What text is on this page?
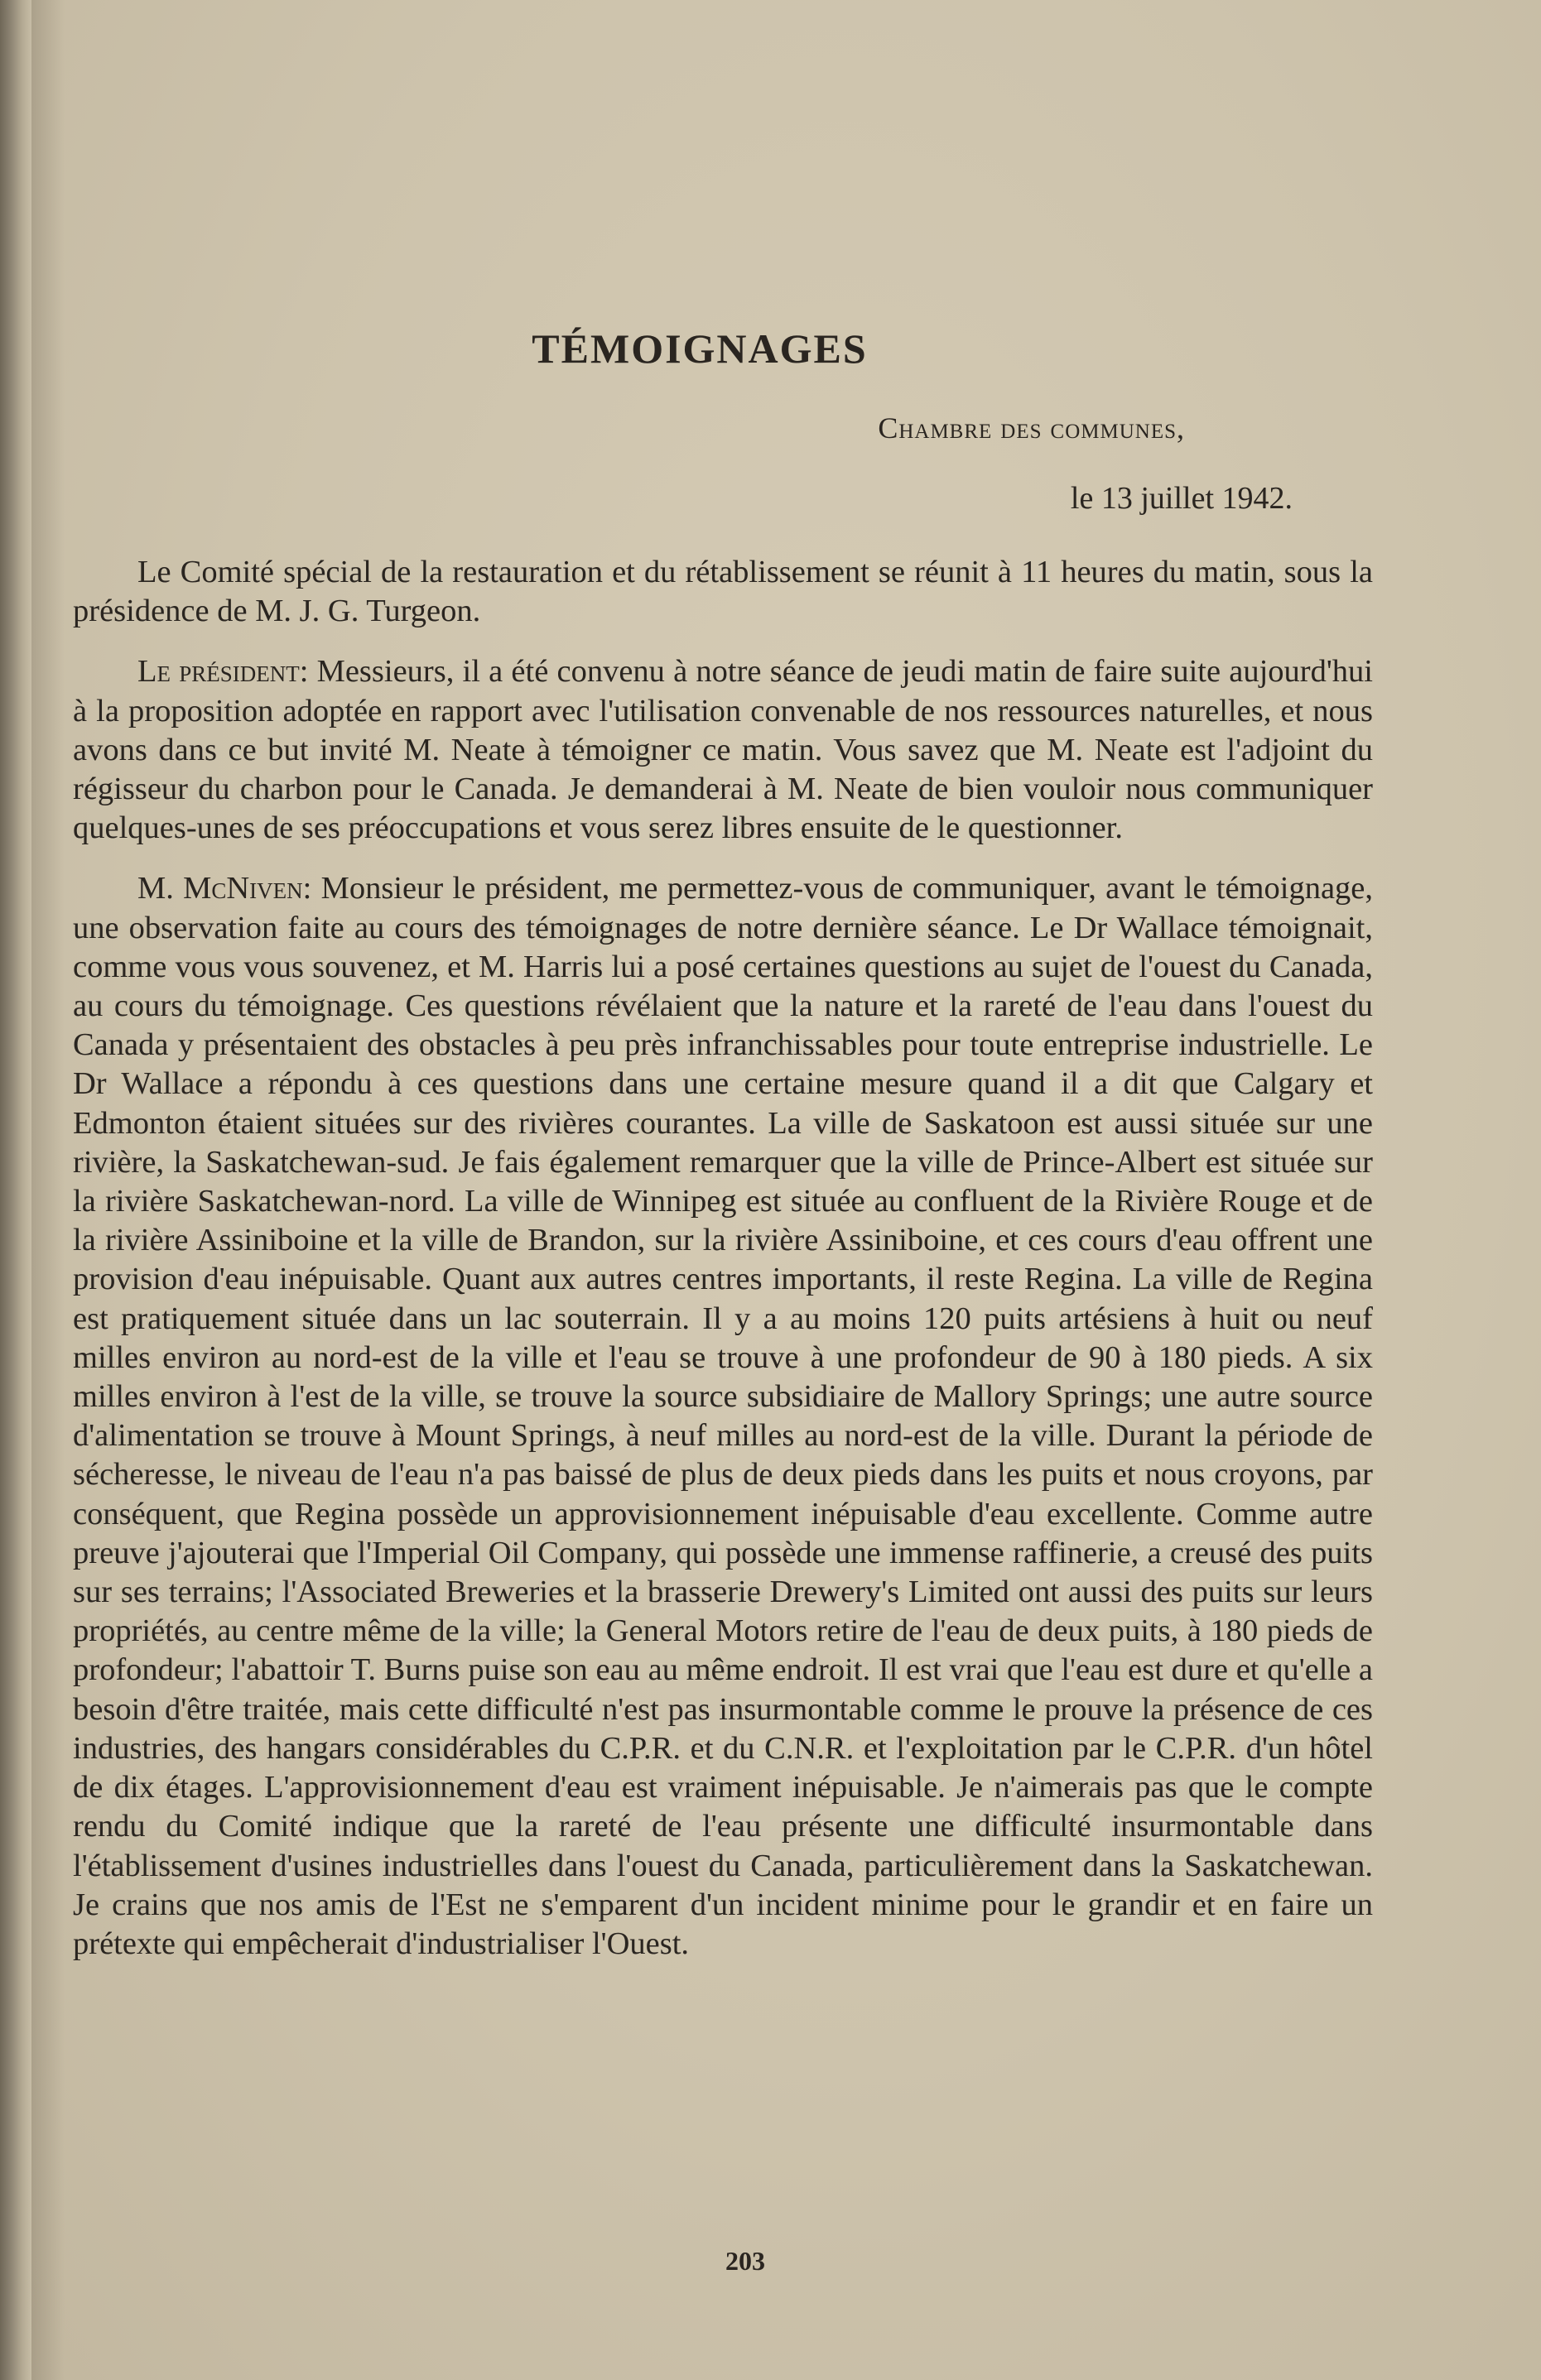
TÉMOIGNAGES
Chambre des communes,
le 13 juillet 1942.

Le Comité spécial de la restauration et du rétablissement se réunit à 11 heures du matin, sous la présidence de M. J. G. Turgeon.

Le président: Messieurs, il a été convenu à notre séance de jeudi matin de faire suite aujourd'hui à la proposition adoptée en rapport avec l'utilisation convenable de nos ressources naturelles, et nous avons dans ce but invité M. Neate à témoigner ce matin. Vous savez que M. Neate est l'adjoint du régisseur du charbon pour le Canada. Je demanderai à M. Neate de bien vouloir nous communiquer quelques-unes de ses préoccupations et vous serez libres ensuite de le questionner.

M. McNiven: Monsieur le président, me permettez-vous de communiquer, avant le témoignage, une observation faite au cours des témoignages de notre dernière séance. Le Dr Wallace témoignait, comme vous vous souvenez, et M. Harris lui a posé certaines questions au sujet de l'ouest du Canada, au cours du témoignage. Ces questions révélaient que la nature et la rareté de l'eau dans l'ouest du Canada y présentaient des obstacles à peu près infranchissables pour toute entreprise industrielle. Le Dr Wallace a répondu à ces questions dans une certaine mesure quand il a dit que Calgary et Edmonton étaient situées sur des rivières courantes. La ville de Saskatoon est aussi située sur une rivière, la Saskatchewan-sud. Je fais également remarquer que la ville de Prince-Albert est située sur la rivière Saskatchewan-nord. La ville de Winnipeg est située au confluent de la Rivière Rouge et de la rivière Assiniboine et la ville de Brandon, sur la rivière Assiniboine, et ces cours d'eau offrent une provision d'eau inépuisable. Quant aux autres centres importants, il reste Regina. La ville de Regina est pratiquement située dans un lac souterrain. Il y a au moins 120 puits artésiens à huit ou neuf milles environ au nord-est de la ville et l'eau se trouve à une profondeur de 90 à 180 pieds. A six milles environ à l'est de la ville, se trouve la source subsidiaire de Mallory Springs; une autre source d'alimentation se trouve à Mount Springs, à neuf milles au nord-est de la ville. Durant la période de sécheresse, le niveau de l'eau n'a pas baissé de plus de deux pieds dans les puits et nous croyons, par conséquent, que Regina possède un approvisionnement inépuisable d'eau excellente. Comme autre preuve j'ajouterai que l'Imperial Oil Company, qui possède une immense raffinerie, a creusé des puits sur ses terrains; l'Associated Breweries et la brasserie Drewery's Limited ont aussi des puits sur leurs propriétés, au centre même de la ville; la General Motors retire de l'eau de deux puits, à 180 pieds de profondeur; l'abattoir T. Burns puise son eau au même endroit. Il est vrai que l'eau est dure et qu'elle a besoin d'être traitée, mais cette difficulté n'est pas insurmontable comme le prouve la présence de ces industries, des hangars considérables du C.P.R. et du C.N.R. et l'exploitation par le C.P.R. d'un hôtel de dix étages. L'approvisionnement d'eau est vraiment inépuisable. Je n'aimerais pas que le compte rendu du Comité indique que la rareté de l'eau présente une difficulté insurmontable dans l'établissement d'usines industrielles dans l'ouest du Canada, particulièrement dans la Saskatchewan. Je crains que nos amis de l'Est ne s'emparent d'un incident minime pour le grandir et en faire un prétexte qui empêcherait d'industrialiser l'Ouest.

203
